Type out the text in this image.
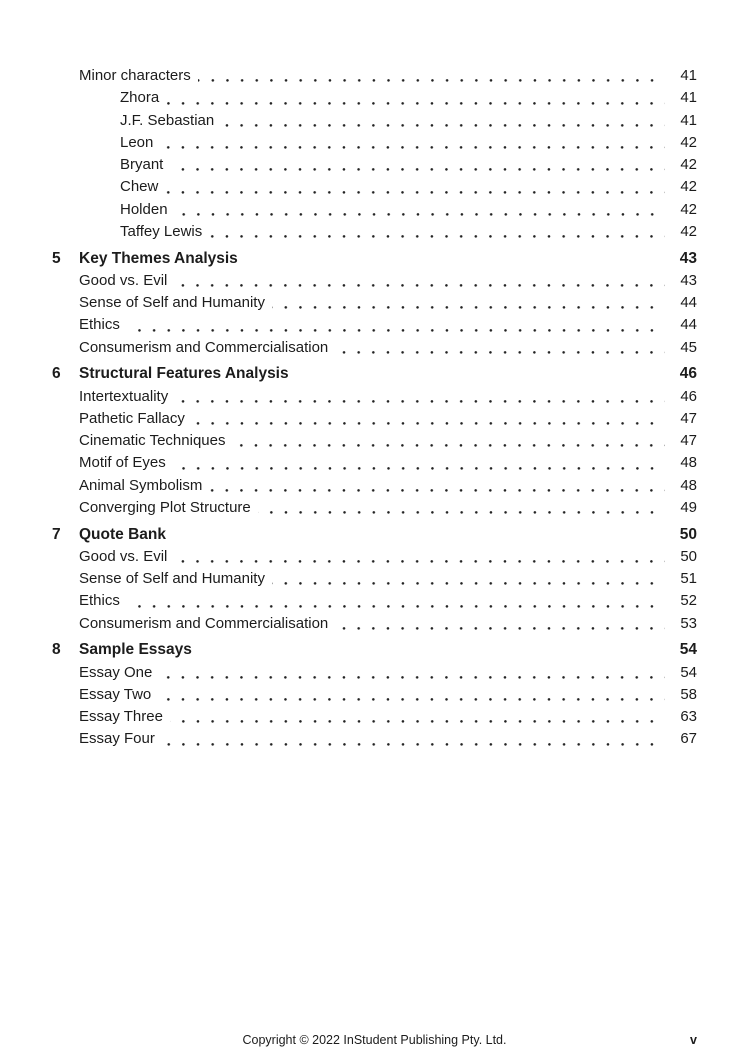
Minor characters	41
Zhora	41
J.F. Sebastian	41
Leon	42
Bryant	42
Chew	42
Holden	42
Taffey Lewis	42
5	Key Themes Analysis	43
Good vs. Evil	43
Sense of Self and Humanity	44
Ethics	44
Consumerism and Commercialisation	45
6	Structural Features Analysis	46
Intertextuality	46
Pathetic Fallacy	47
Cinematic Techniques	47
Motif of Eyes	48
Animal Symbolism	48
Converging Plot Structure	49
7	Quote Bank	50
Good vs. Evil	50
Sense of Self and Humanity	51
Ethics	52
Consumerism and Commercialisation	53
8	Sample Essays	54
Essay One	54
Essay Two	58
Essay Three	63
Essay Four	67
Copyright © 2022 InStudent Publishing Pty. Ltd.	v
